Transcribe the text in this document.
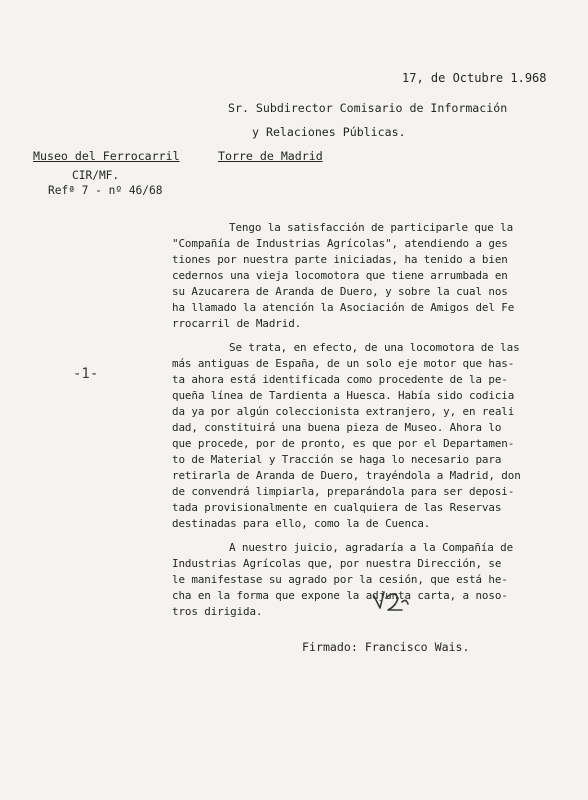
17, de Octubre 1.968
Sr. Subdirector Comisario de Información
y Relaciones Públicas.
Museo del Ferrocarril	Torre de Madrid
CIR/MF.
Refª 7 - nº 46/68
-1-
Tengo la satisfacción de participarle que la
"Compañía de Industrias Agrícolas", atendiendo a ges
tiones por nuestra parte iniciadas, ha tenido a bien
cedernos una vieja locomotora que tiene arrumbada en
su Azucarera de Aranda de Duero, y sobre la cual nos
ha llamado la atención la Asociación de Amigos del Fe
rrocarril de Madrid.
Se trata, en efecto, de una locomotora de las
más antiguas de España, de un solo eje motor que has-
ta ahora está identificada como procedente de la pe-
queña línea de Tardienta a Huesca. Había sido codicia
da ya por algún coleccionista extranjero, y, en reali
dad, constituirá una buena pieza de Museo. Ahora lo
que procede, por de pronto, es que por el Departamen-
to de Material y Tracción se haga lo necesario para
retirarla de Aranda de Duero, trayéndola a Madrid, don
de convendrá limpiarla, preparándola para ser deposi-
tada provisionalmente en cualquiera de las Reservas
destinadas para ello, como la de Cuenca.
A nuestro juicio, agradaría a la Compañía de
Industrias Agrícolas que, por nuestra Dirección, se
le manifestase su agrado por la cesión, que está he-
cha en la forma que expone la adjunta carta, a noso-
tros dirigida.
Firmado: Francisco Wais.
